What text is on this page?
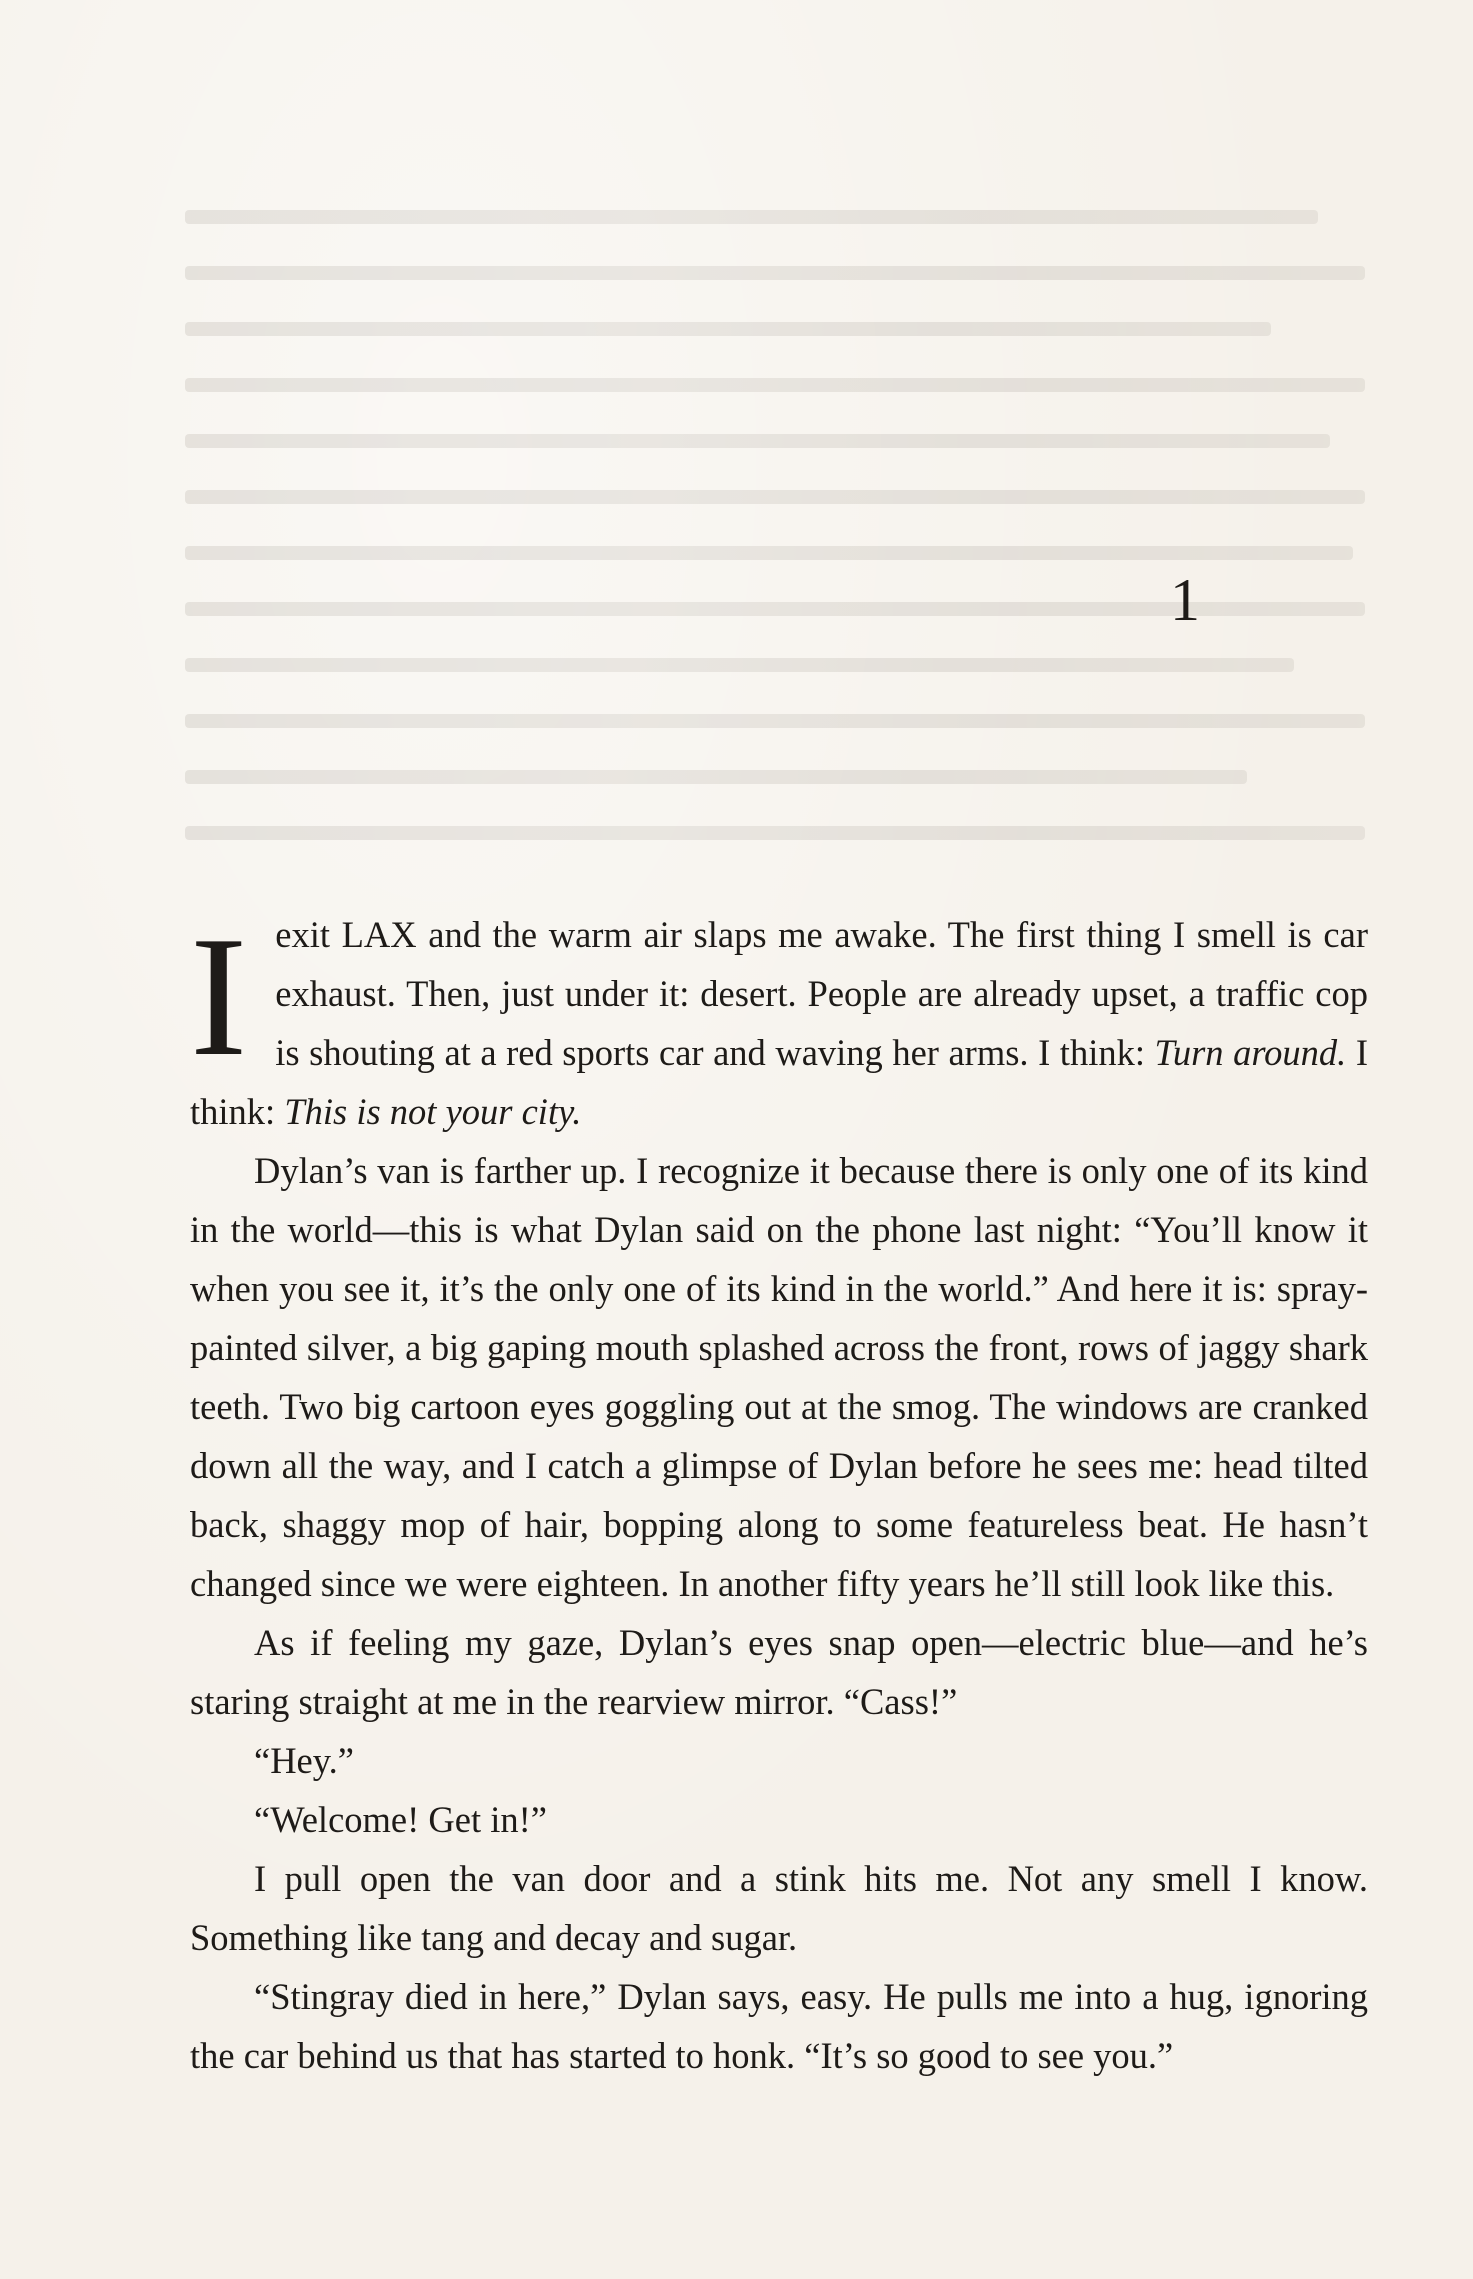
1

I exit LAX and the warm air slaps me awake. The first thing I smell is car exhaust. Then, just under it: desert. People are already upset, a traffic cop is shouting at a red sports car and waving her arms. I think: Turn around. I think: This is not your city.

Dylan’s van is farther up. I recognize it because there is only one of its kind in the world—this is what Dylan said on the phone last night: “You’ll know it when you see it, it’s the only one of its kind in the world.” And here it is: spray-painted silver, a big gaping mouth splashed across the front, rows of jaggy shark teeth. Two big cartoon eyes goggling out at the smog. The windows are cranked down all the way, and I catch a glimpse of Dylan before he sees me: head tilted back, shaggy mop of hair, bopping along to some featureless beat. He hasn’t changed since we were eighteen. In another fifty years he’ll still look like this.

As if feeling my gaze, Dylan’s eyes snap open—electric blue—and he’s staring straight at me in the rearview mirror. “Cass!”

“Hey.”

“Welcome! Get in!”

I pull open the van door and a stink hits me. Not any smell I know. Something like tang and decay and sugar.

“Stingray died in here,” Dylan says, easy. He pulls me into a hug, ignoring the car behind us that has started to honk. “It’s so good to see you.”
